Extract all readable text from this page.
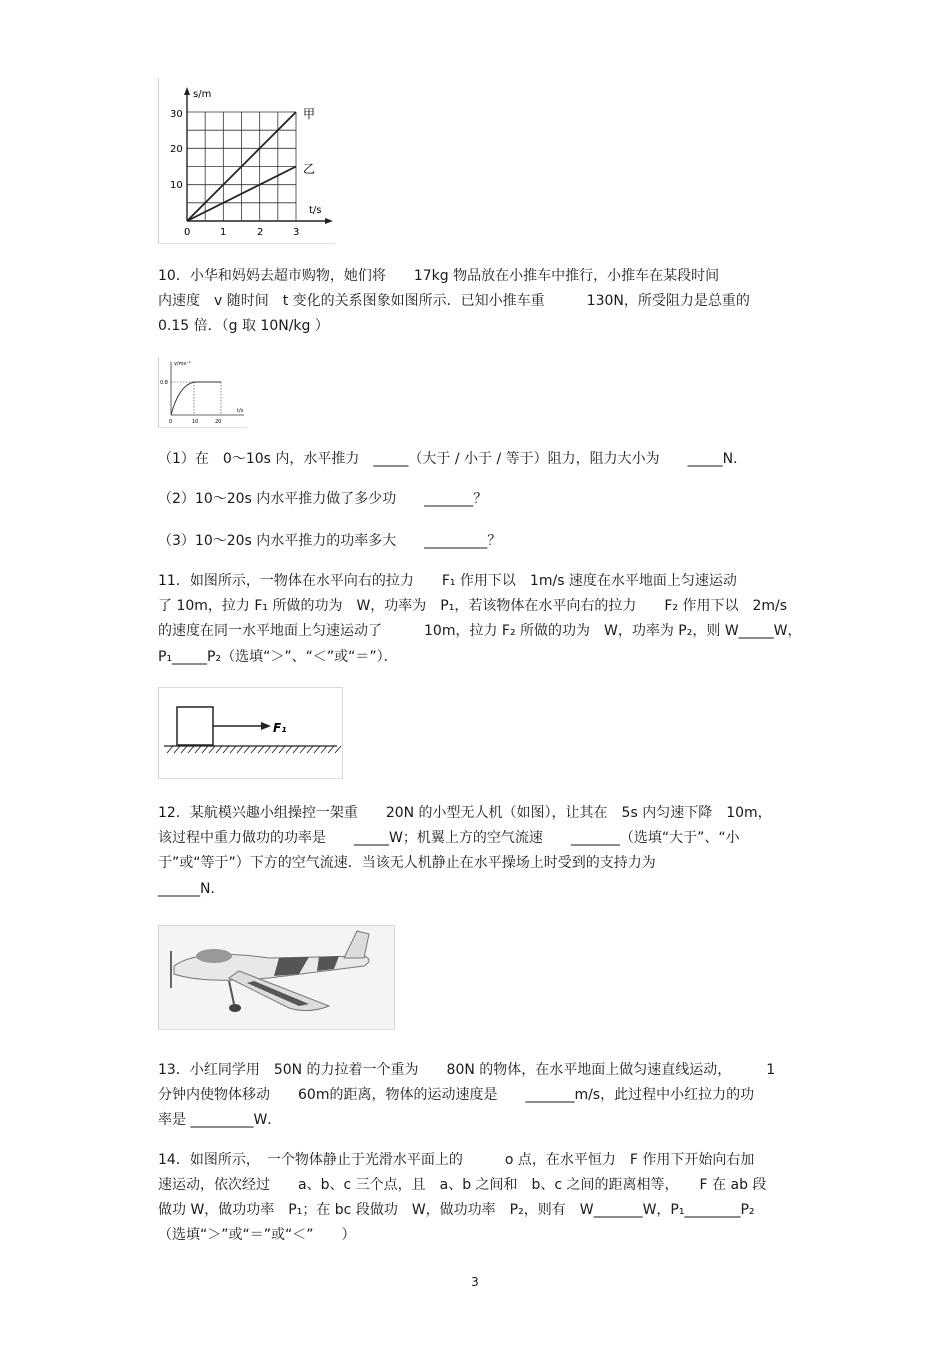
s/m
t/s
30
20
10
0	1	2	3
甲
乙
10．小华和妈妈去超市购物，她们将　　17kg 物品放在小推车中推行，小推车在某段时间
内速度　v 随时间　t 变化的关系图象如图所示．已知小推车重　　　130N，所受阻力是总重的
0.15 倍．（g 取 10N/kg ）
v/ms⁻¹
0.8
t/s
0	10	20
（1）在　0～10s 内，水平推力　_____（大于 / 小于 / 等于）阻力，阻力大小为　　_____N．
（2）10～20s 内水平推力做了多少功　　_______？
（3）10～20s 内水平推力的功率多大　　_________？
11．如图所示，一物体在水平向右的拉力　　F₁ 作用下以　1m/s 速度在水平地面上匀速运动
了 10m，拉力 F₁ 所做的功为　W，功率为　P₁，若该物体在水平向右的拉力　　F₂ 作用下以　2m/s
的速度在同一水平地面上匀速运动了　　　10m，拉力 F₂ 所做的功为　W，功率为 P₂，则 W_____W，
P₁_____P₂（选填“＞”、“＜”或“＝”）．
F₁
12．某航模兴趣小组操控一架重　　20N 的小型无人机（如图），让其在　5s 内匀速下降　10m，
该过程中重力做功的功率是　　_____W；机翼上方的空气流速　　_______（选填“大于”、“小
于”或“等于”）下方的空气流速．当该无人机静止在水平操场上时受到的支持力为
______N．
13．小红同学用　50N 的力拉着一个重为　　80N 的物体，在水平地面上做匀速直线运动，　　　1
分钟内使物体移动　　60m的距离，物体的运动速度是　　_______m/s，此过程中小红拉力的功
率是 _________W．
14．如图所示，　一个物体静止于光滑水平面上的　　　o 点，在水平恒力　F 作用下开始向右加
速运动，依次经过　　a、b、c 三个点，且　a、b 之间和　b、c 之间的距离相等，　　F 在 ab 段
做功 W，做功功率　P₁；在 bc 段做功　W，做功功率　P₂，则有　W_______W，P₁________P₂
（选填“＞”或“＝”或“＜”　　）
3
